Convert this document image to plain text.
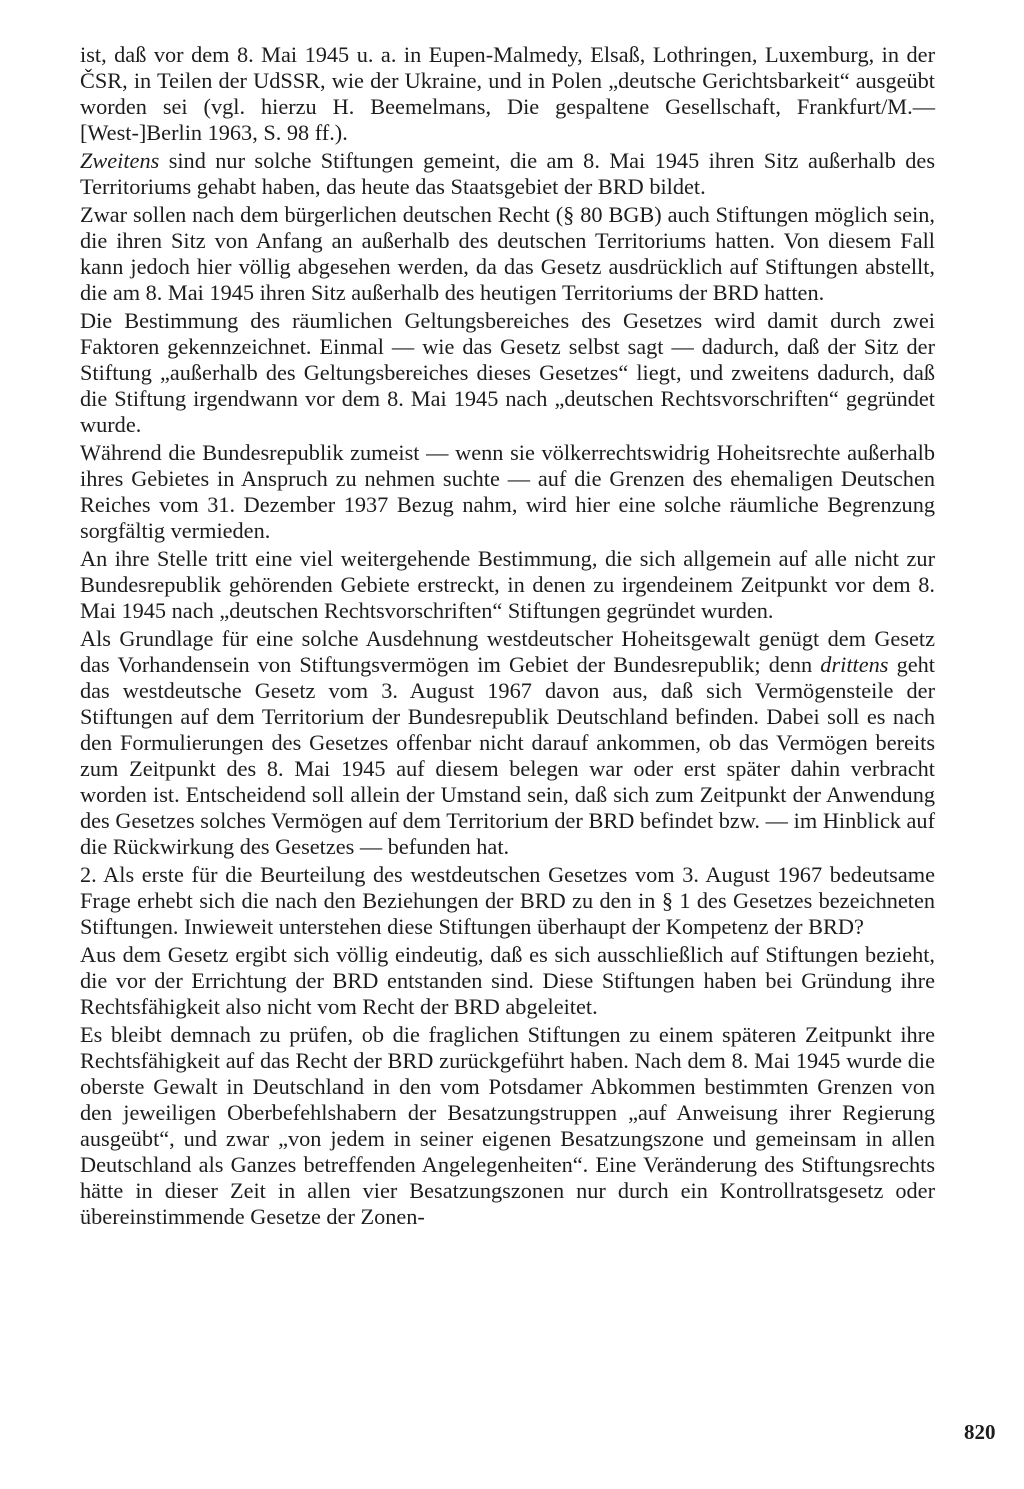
ist, daß vor dem 8. Mai 1945 u. a. in Eupen-Malmedy, Elsaß, Lothringen, Luxemburg, in der ČSR, in Teilen der UdSSR, wie der Ukraine, und in Polen „deutsche Gerichtsbarkeit“ ausgeübt worden sei (vgl. hierzu H. Beemelmans, Die gespaltene Gesellschaft, Frankfurt/M.—[West-]Berlin 1963, S. 98 ff.).

Zweitens sind nur solche Stiftungen gemeint, die am 8. Mai 1945 ihren Sitz außerhalb des Territoriums gehabt haben, das heute das Staatsgebiet der BRD bildet.

Zwar sollen nach dem bürgerlichen deutschen Recht (§ 80 BGB) auch Stiftungen möglich sein, die ihren Sitz von Anfang an außerhalb des deutschen Territoriums hatten. Von diesem Fall kann jedoch hier völlig abgesehen werden, da das Gesetz ausdrücklich auf Stiftungen abstellt, die am 8. Mai 1945 ihren Sitz außerhalb des heutigen Territoriums der BRD hatten.

Die Bestimmung des räumlichen Geltungsbereiches des Gesetzes wird damit durch zwei Faktoren gekennzeichnet. Einmal — wie das Gesetz selbst sagt — dadurch, daß der Sitz der Stiftung „außerhalb des Geltungsbereiches dieses Gesetzes“ liegt, und zweitens dadurch, daß die Stiftung irgendwann vor dem 8. Mai 1945 nach „deutschen Rechtsvorschriften“ gegründet wurde.

Während die Bundesrepublik zumeist — wenn sie völkerrechtswidrig Hoheitsrechte außerhalb ihres Gebietes in Anspruch zu nehmen suchte — auf die Grenzen des ehemaligen Deutschen Reiches vom 31. Dezember 1937 Bezug nahm, wird hier eine solche räumliche Begrenzung sorgfältig vermieden.

An ihre Stelle tritt eine viel weitergehende Bestimmung, die sich allgemein auf alle nicht zur Bundesrepublik gehörenden Gebiete erstreckt, in denen zu irgendeinem Zeitpunkt vor dem 8. Mai 1945 nach „deutschen Rechtsvorschriften“ Stiftungen gegründet wurden.

Als Grundlage für eine solche Ausdehnung westdeutscher Hoheitsgewalt genügt dem Gesetz das Vorhandensein von Stiftungsvermögen im Gebiet der Bundesrepublik; denn drittens geht das westdeutsche Gesetz vom 3. August 1967 davon aus, daß sich Vermögensteile der Stiftungen auf dem Territorium der Bundesrepublik Deutschland befinden. Dabei soll es nach den Formulierungen des Gesetzes offenbar nicht darauf ankommen, ob das Vermögen bereits zum Zeitpunkt des 8. Mai 1945 auf diesem belegen war oder erst später dahin verbracht worden ist. Entscheidend soll allein der Umstand sein, daß sich zum Zeitpunkt der Anwendung des Gesetzes solches Vermögen auf dem Territorium der BRD befindet bzw. — im Hinblick auf die Rückwirkung des Gesetzes — befunden hat.

2. Als erste für die Beurteilung des westdeutschen Gesetzes vom 3. August 1967 bedeutsame Frage erhebt sich die nach den Beziehungen der BRD zu den in § 1 des Gesetzes bezeichneten Stiftungen. Inwieweit unterstehen diese Stiftungen überhaupt der Kompetenz der BRD?

Aus dem Gesetz ergibt sich völlig eindeutig, daß es sich ausschließlich auf Stiftungen bezieht, die vor der Errichtung der BRD entstanden sind. Diese Stiftungen haben bei Gründung ihre Rechtsfähigkeit also nicht vom Recht der BRD abgeleitet.

Es bleibt demnach zu prüfen, ob die fraglichen Stiftungen zu einem späteren Zeitpunkt ihre Rechtsfähigkeit auf das Recht der BRD zurückgeführt haben. Nach dem 8. Mai 1945 wurde die oberste Gewalt in Deutschland in den vom Potsdamer Abkommen bestimmten Grenzen von den jeweiligen Oberbefehlshabern der Besatzungstruppen „auf Anweisung ihrer Regierung ausgeübt“, und zwar „von jedem in seiner eigenen Besatzungszone und gemeinsam in allen Deutschland als Ganzes betreffenden Angelegenheiten“. Eine Veränderung des Stiftungsrechts hätte in dieser Zeit in allen vier Besatzungszonen nur durch ein Kontrollratsgesetz oder übereinstimmende Gesetze der Zonen-

820
